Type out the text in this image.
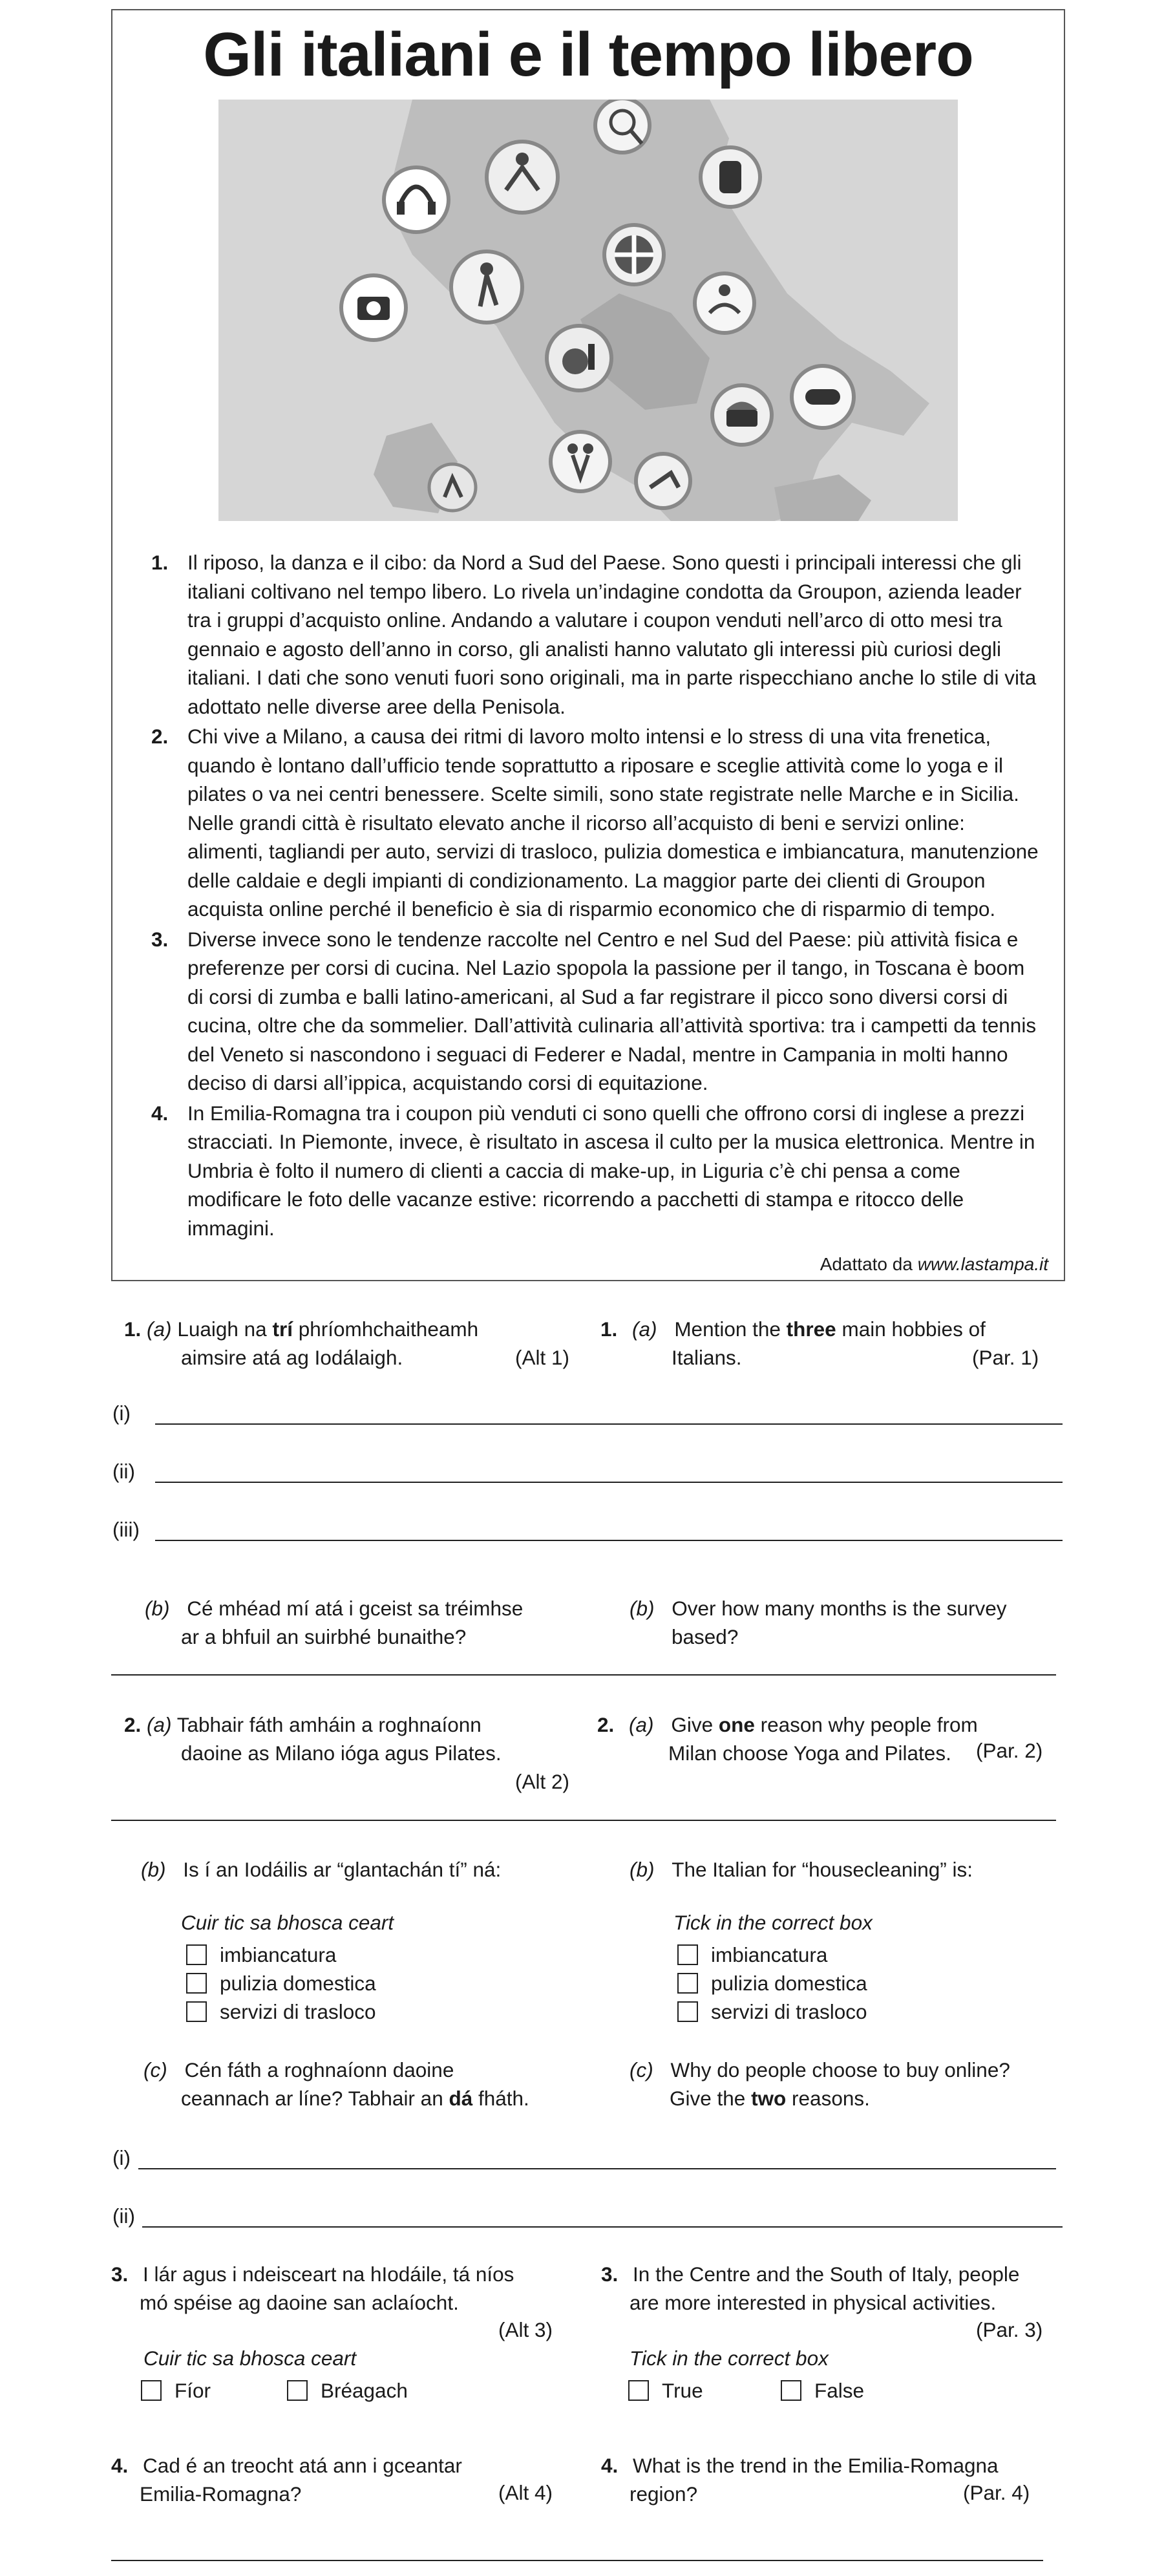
Gli italiani e il tempo libero
1. Il riposo, la danza e il cibo: da Nord a Sud del Paese. Sono questi i principali interessi che gli italiani coltivano nel tempo libero. Lo rivela un’indagine condotta da Groupon, azienda leader tra i gruppi d’acquisto online. Andando a valutare i coupon venduti nell’arco di otto mesi tra gennaio e agosto dell’anno in corso, gli analisti hanno valutato gli interessi più curiosi degli italiani. I dati che sono venuti fuori sono originali, ma in parte rispecchiano anche lo stile di vita adottato nelle diverse aree della Penisola.
2. Chi vive a Milano, a causa dei ritmi di lavoro molto intensi e lo stress di una vita frenetica, quando è lontano dall’ufficio tende soprattutto a riposare e sceglie attività come lo yoga e il pilates o va nei centri benessere. Scelte simili, sono state registrate nelle Marche e in Sicilia. Nelle grandi città è risultato elevato anche il ricorso all’acquisto di beni e servizi online: alimenti, tagliandi per auto, servizi di trasloco, pulizia domestica e imbiancatura, manutenzione delle caldaie e degli impianti di condizionamento. La maggior parte dei clienti di Groupon acquista online perché il beneficio è sia di risparmio economico che di risparmio di tempo.
3. Diverse invece sono le tendenze raccolte nel Centro e nel Sud del Paese: più attività fisica e preferenze per corsi di cucina. Nel Lazio spopola la passione per il tango, in Toscana è boom di corsi di zumba e balli latino-americani, al Sud a far registrare il picco sono diversi corsi di cucina, oltre che da sommelier. Dall’attività culinaria all’attività sportiva: tra i campetti da tennis del Veneto si nascondono i seguaci di Federer e Nadal, mentre in Campania in molti hanno deciso di darsi all’ippica, acquistando corsi di equitazione.
4. In Emilia-Romagna tra i coupon più venduti ci sono quelli che offrono corsi di inglese a prezzi stracciati. In Piemonte, invece, è risultato in ascesa il culto per la musica elettronica. Mentre in Umbria è folto il numero di clienti a caccia di make-up, in Liguria c’è chi pensa a come modificare le foto delle vacanze estive: ricorrendo a pacchetti di stampa e ritocco delle immagini.
Adattato da www.lastampa.it
1. (a) Luaigh na trí phríomhchaitheamh
aimsire atá ag Iodálaigh.	(Alt 1)
1. (a) Mention the three main hobbies of
Italians.	(Par. 1)
(i)
(ii)
(iii)
(b) Cé mhéad mí atá i gceist sa tréimhse
ar a bhfuil an suirbhé bunaithe?
(b) Over how many months is the survey
based?
2. (a) Tabhair fáth amháin a roghnaíonn
daoine as Milano ióga agus Pilates.
(Alt 2)
2. (a) Give one reason why people from
Milan choose Yoga and Pilates.	(Par. 2)
(b) Is í an Iodáilis ar “glantachán tí” ná:	(b) The Italian for “housecleaning” is:
Cuir tic sa bhosca ceart	Tick in the correct box
imbiancatura
pulizia domestica
servizi di trasloco
imbiancatura
pulizia domestica
servizi di trasloco
(c) Cén fáth a roghnaíonn daoine
ceannach ar líne? Tabhair an dá fháth.
(c) Why do people choose to buy online?
Give the two reasons.
(i)
(ii)
3. I lár agus i ndeisceart na hIodáile, tá níos
mó spéise ag daoine san aclaíocht.
(Alt 3)
3. In the Centre and the South of Italy, people
are more interested in physical activities.
(Par. 3)
Cuir tic sa bhosca ceart	Tick in the correct box
Fíor	Bréagach	True	False
4. Cad é an treocht atá ann i gceantar
Emilia-Romagna?	(Alt 4)
4. What is the trend in the Emilia-Romagna
region?	(Par. 4)
